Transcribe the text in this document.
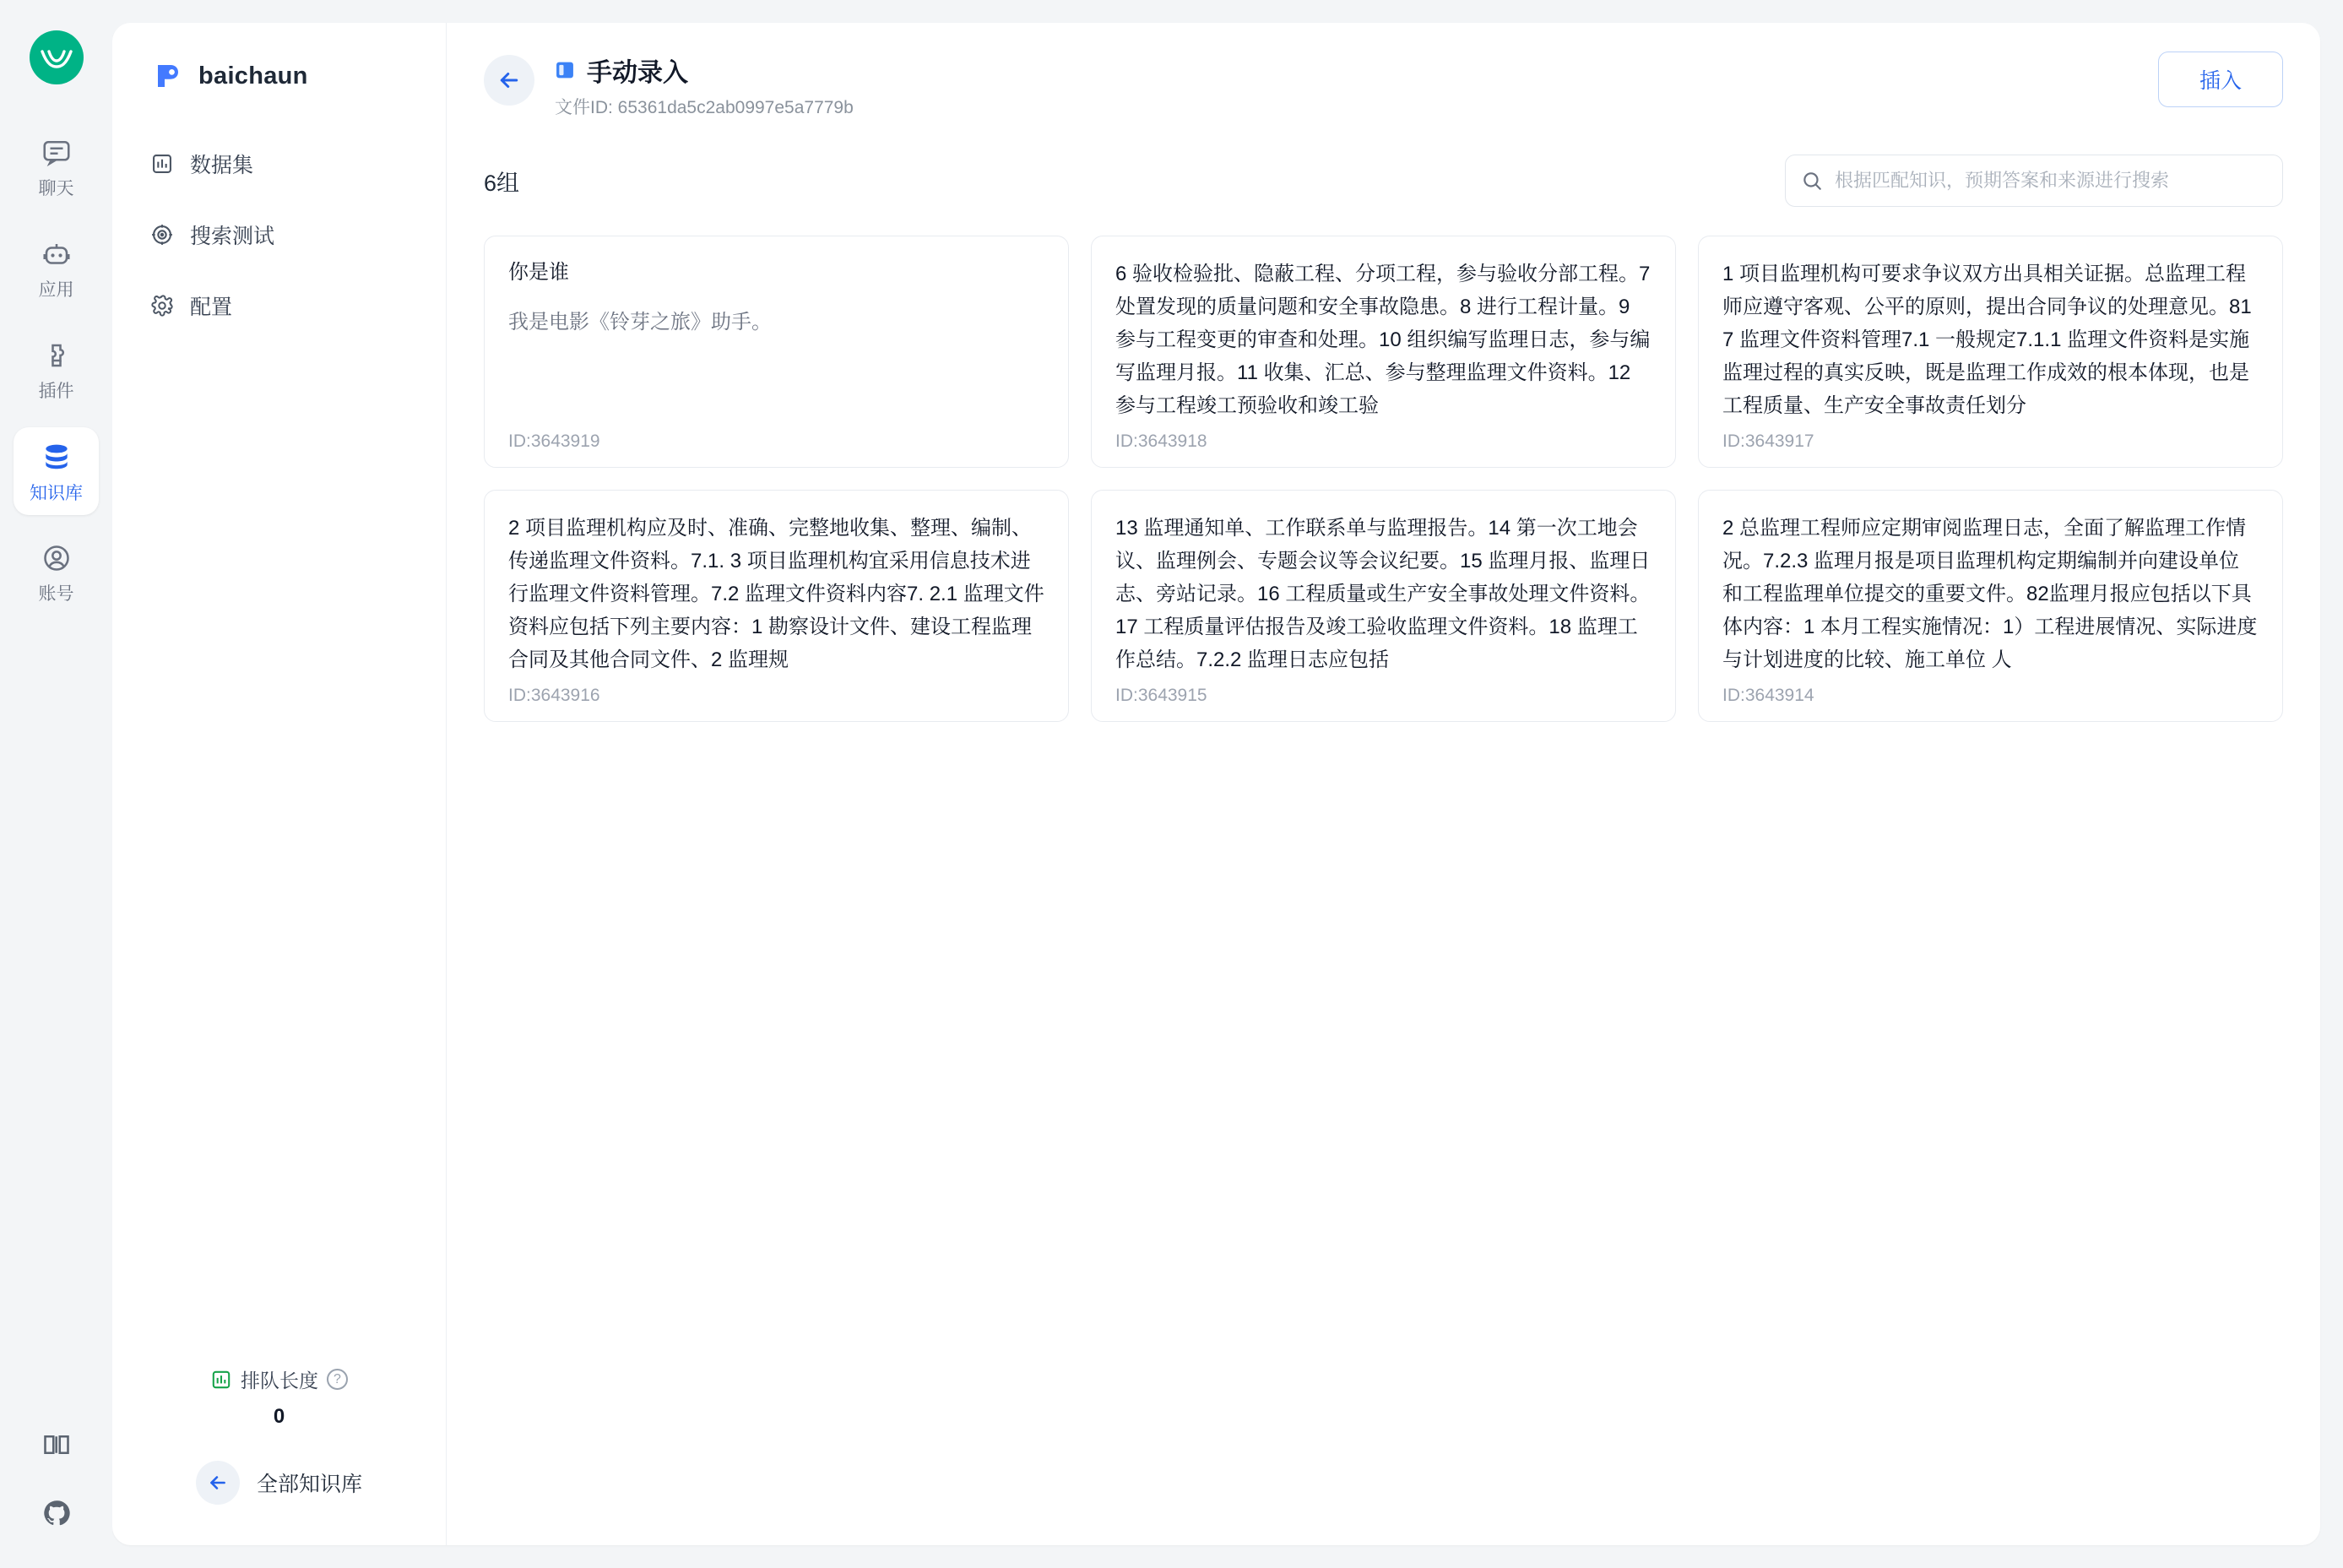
聊天
应用
插件
知识库
账号
baichaun
数据集
搜索测试
配置
排队长度	?
0
全部知识库
手动录入
文件ID: 65361da5c2ab0997e5a7779b
插入
6组
根据匹配知识，预期答案和来源进行搜索
你是谁
我是电影《铃芽之旅》助手。
ID:3643919
6 验收检验批、隐蔽工程、分项工程，参与验收分部工程。7 处置发现的质量问题和安全事故隐患。8 进行工程计量。9 参与工程变更的审查和处理。10 组织编写监理日志，参与编写监理月报。11 收集、汇总、参与整理监理文件资料。12 参与工程竣工预验收和竣工验
ID:3643918
1 项目监理机构可要求争议双方出具相关证据。总监理工程师应遵守客观、公平的原则，提出合同争议的处理意见。81 7 监理文件资料管理7.1 一般规定7.1.1 监理文件资料是实施监理过程的真实反映，既是监理工作成效的根本体现，也是工程质量、生产安全事故责任划分
ID:3643917
2 项目监理机构应及时、准确、完整地收集、整理、编制、传递监理文件资料。7.1. 3 项目监理机构宜采用信息技术进行监理文件资料管理。7.2 监理文件资料内容7. 2.1 监理文件资料应包括下列主要内容：1 勘察设计文件、建设工程监理合同及其他合同文件、2 监理规
ID:3643916
13 监理通知单、工作联系单与监理报告。14 第一次工地会议、监理例会、专题会议等会议纪要。15 监理月报、监理日志、旁站记录。16 工程质量或生产安全事故处理文件资料。17 工程质量评估报告及竣工验收监理文件资料。18 监理工作总结。7.2.2 监理日志应包括
ID:3643915
2 总监理工程师应定期审阅监理日志，全面了解监理工作情况。7.2.3 监理月报是项目监理机构定期编制并向建设单位和工程监理单位提交的重要文件。82监理月报应包括以下具体内容：1 本月工程实施情况：1）工程进展情况、实际进度与计划进度的比较、施工单位 人
ID:3643914
